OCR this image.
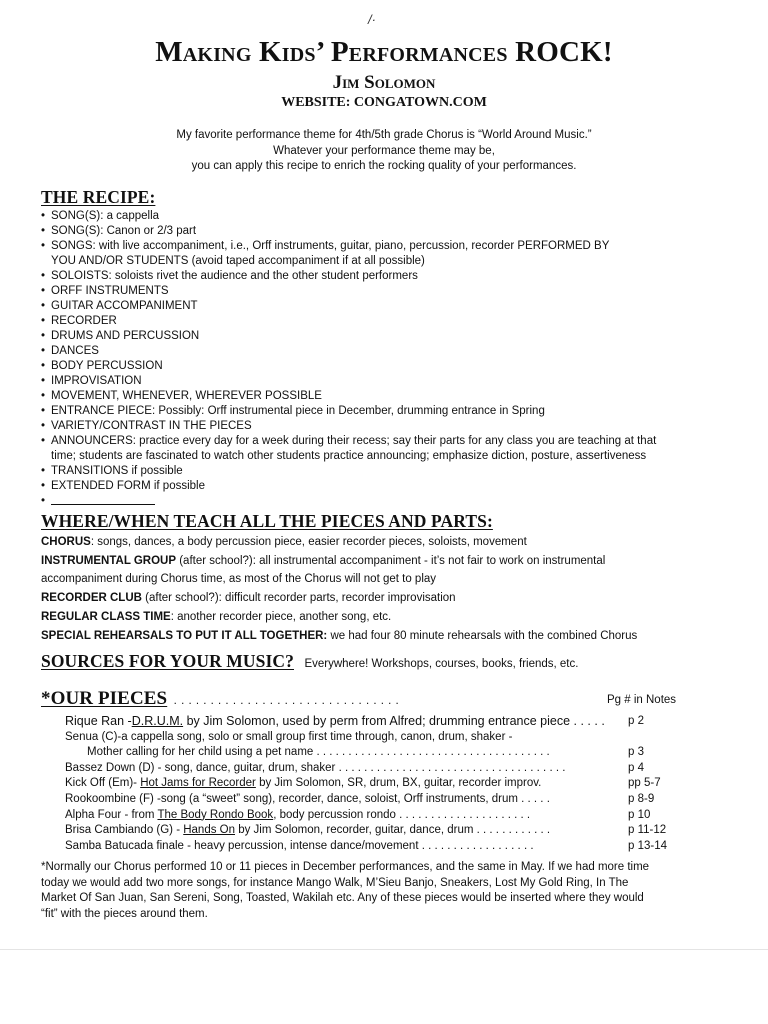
/·
Making Kids’ Performances ROCK!
Jim Solomon
WEBSITE: CONGATOWN.COM
My favorite performance theme for 4th/5th grade Chorus is “World Around Music.”
Whatever your performance theme may be,
you can apply this recipe to enrich the rocking quality of your performances.
THE RECIPE:
• SONG(S): a cappella
• SONG(S): Canon or 2/3 part
• SONGS: with live accompaniment, i.e., Orff instruments, guitar, piano, percussion, recorder PERFORMED BY
YOU AND/OR STUDENTS (avoid taped accompaniment if at all possible)
• SOLOISTS: soloists rivet the audience and the other student performers
• ORFF INSTRUMENTS
• GUITAR ACCOMPANIMENT
• RECORDER
• DRUMS AND PERCUSSION
• DANCES
• BODY PERCUSSION
• IMPROVISATION
• MOVEMENT, WHENEVER, WHEREVER POSSIBLE
• ENTRANCE PIECE: Possibly: Orff instrumental piece in December, drumming entrance in Spring
• VARIETY/CONTRAST IN THE PIECES
• ANNOUNCERS: practice every day for a week during their recess; say their parts for any class you are teaching at that
time; students are fascinated to watch other students practice announcing; emphasize diction, posture, assertiveness
• TRANSITIONS if possible
• EXTENDED FORM if possible
•
WHERE/WHEN TEACH ALL THE PIECES AND PARTS:
CHORUS: songs, dances, a body percussion piece, easier recorder pieces, soloists, movement
INSTRUMENTAL GROUP (after school?): all instrumental accompaniment - it’s not fair to work on instrumental
accompaniment during Chorus time, as most of the Chorus will not get to play
RECORDER CLUB (after school?): difficult recorder parts, recorder improvisation
REGULAR CLASS TIME: another recorder piece, another song, etc.
SPECIAL REHEARSALS TO PUT IT ALL TOGETHER: we had four 80 minute rehearsals with the combined Chorus
SOURCES FOR YOUR MUSIC? Everywhere! Workshops, courses, books, friends, etc.
*OUR PIECES ...............................	Pg # in Notes
Rique Ran -D.R.U.M. by Jim Solomon, used by perm from Alfred; drumming entrance piece . . . . . p 2
Senua (C)-a cappella song, solo or small group first time through, canon, drum, shaker -
Mother calling for her child using a pet name . . . . . . . . . . . . . . . . . . . . . . . . . . . . . . . . . . . . .	p 3
Bassez Down (D) - song, dance, guitar, drum, shaker . . . . . . . . . . . . . . . . . . . . . . . . . . . . . . . . . . . .	p 4
Kick Off (Em)- Hot Jams for Recorder by Jim Solomon, SR, drum, BX, guitar, recorder improv.	pp 5-7
Rookoombine (F) -song (a “sweet” song), recorder, dance, soloist, Orff instruments, drum . . . . .	p 8-9
Alpha Four - from The Body Rondo Book, body percussion rondo . . . . . . . . . . . . . . . . . . . . .	p 10
Brisa Cambiando (G) - Hands On by Jim Solomon, recorder, guitar, dance, drum . . . . . . . . . . . .	p 11-12
Samba Batucada finale - heavy percussion, intense dance/movement . . . . . . . . . . . . . . . . . .	p 13-14
*Normally our Chorus performed 10 or 11 pieces in December performances, and the same in May. If we had more time
today we would add two more songs, for instance Mango Walk, M’Sieu Banjo, Sneakers, Lost My Gold Ring, In The
Market Of San Juan, San Sereni, Song, Toasted, Wakilah etc. Any of these pieces would be inserted where they would
“fit” with the pieces around them.
